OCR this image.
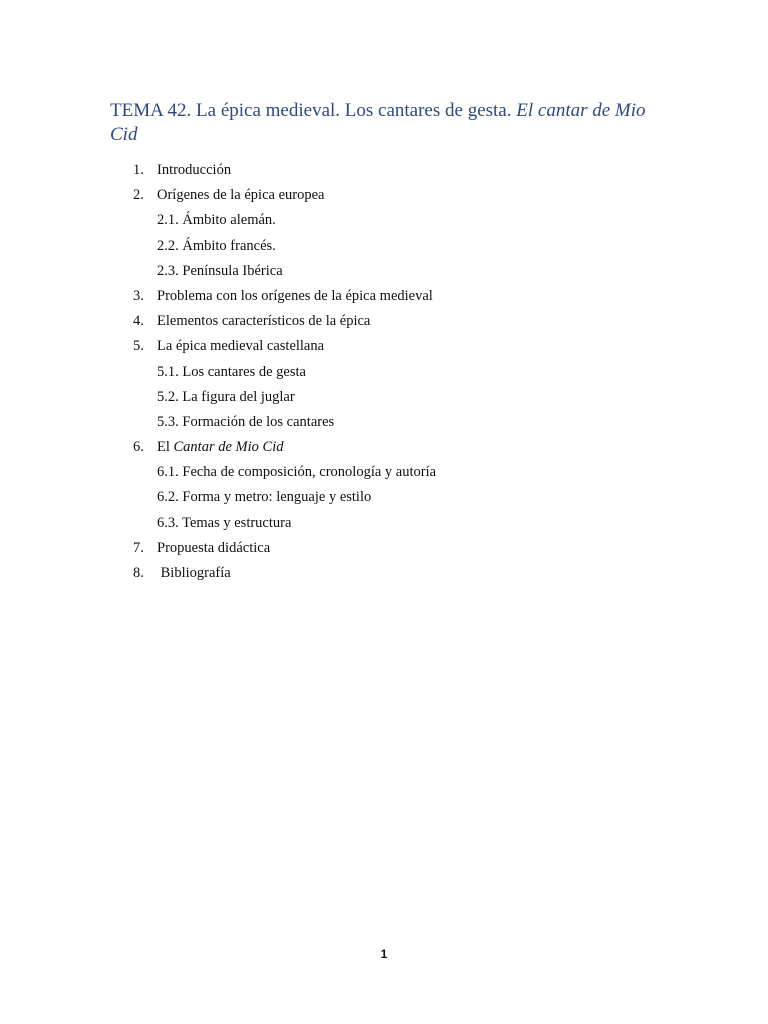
TEMA 42. La épica medieval. Los cantares de gesta. El cantar de Mio Cid
1. Introducción
2. Orígenes de la épica europea
2.1. Ámbito alemán.
2.2. Ámbito francés.
2.3. Península Ibérica
3. Problema con los orígenes de la épica medieval
4. Elementos característicos de la épica
5. La épica medieval castellana
5.1. Los cantares de gesta
5.2. La figura del juglar
5.3. Formación de los cantares
6. El Cantar de Mio Cid
6.1. Fecha de composición, cronología y autoría
6.2. Forma y metro: lenguaje y estilo
6.3. Temas y estructura
7. Propuesta didáctica
8. Bibliografía
1
